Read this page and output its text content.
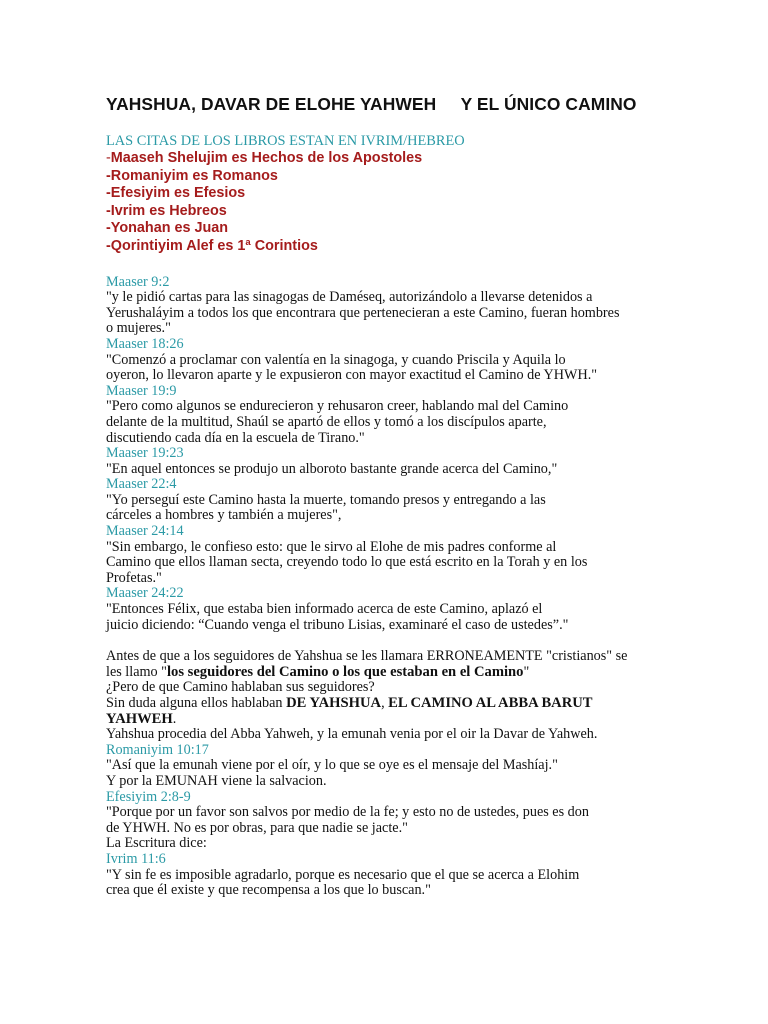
YAHSHUA, DAVAR DE ELOHE YAHWEH     Y EL ÚNICO CAMINO

LAS CITAS DE LOS LIBROS ESTAN EN IVRIM/HEBREO

-Maaseh Shelujim es Hechos de los Apostoles
-Romaniyim es Romanos
-Efesiyim es Efesios
-Ivrim es Hebreos
-Yonahan es Juan
-Qorintiyim Alef es 1ª Corintios
Maaser 9:2
"y le pidió cartas para las sinagogas de Daméseq, autorizándolo a llevarse detenidos a
Yerushaláyim a todos los que encontrara que pertenecieran a este Camino, fueran hombres
o mujeres."
Maaser 18:26
"Comenzó a proclamar con valentía en la sinagoga, y cuando Priscila y Aquila lo
oyeron, lo llevaron aparte y le expusieron con mayor exactitud el Camino de YHWH."
Maaser 19:9
"Pero como algunos se endurecieron y rehusaron creer, hablando mal del Camino
delante de la multitud, Shaúl se apartó de ellos y tomó a los discípulos aparte,
discutiendo cada día en la escuela de Tirano."
Maaser 19:23
"En aquel entonces se produjo un alboroto bastante grande acerca del Camino,"
Maaser 22:4
"Yo perseguí este Camino hasta la muerte, tomando presos y entregando a las
cárceles a hombres y también a mujeres",
Maaser 24:14
"Sin embargo, le confieso esto: que le sirvo al Elohe de mis padres conforme al
Camino que ellos llaman secta, creyendo todo lo que está escrito en la Torah y en los
Profetas."
Maaser 24:22
"Entonces Félix, que estaba bien informado acerca de este Camino, aplazó el
juicio diciendo: “Cuando venga el tribuno Lisias, examinaré el caso de ustedes”."
Antes de que a los seguidores de Yahshua se les llamara ERRONEAMENTE "cristianos" se
les llamo "los seguidores del Camino o los que estaban en el Camino"
¿Pero de que Camino hablaban sus seguidores?
Sin duda alguna ellos hablaban DE YAHSHUA, EL CAMINO AL ABBA BARUT
YAHWEH.
Yahshua procedia del Abba Yahweh, y la emunah venia por el oir la Davar de Yahweh.
Romaniyim 10:17
"Así que la emunah viene por el oír, y lo que se oye es el mensaje del Mashíaj."
Y por la EMUNAH viene la salvacion.
Efesiyim 2:8-9
"Porque por un favor son salvos por medio de la fe; y esto no de ustedes, pues es don
de YHWH. No es por obras, para que nadie se jacte."
La Escritura dice:
Ivrim 11:6
"Y sin fe es imposible agradarlo, porque es necesario que el que se acerca a Elohim
crea que él existe y que recompensa a los que lo buscan."
